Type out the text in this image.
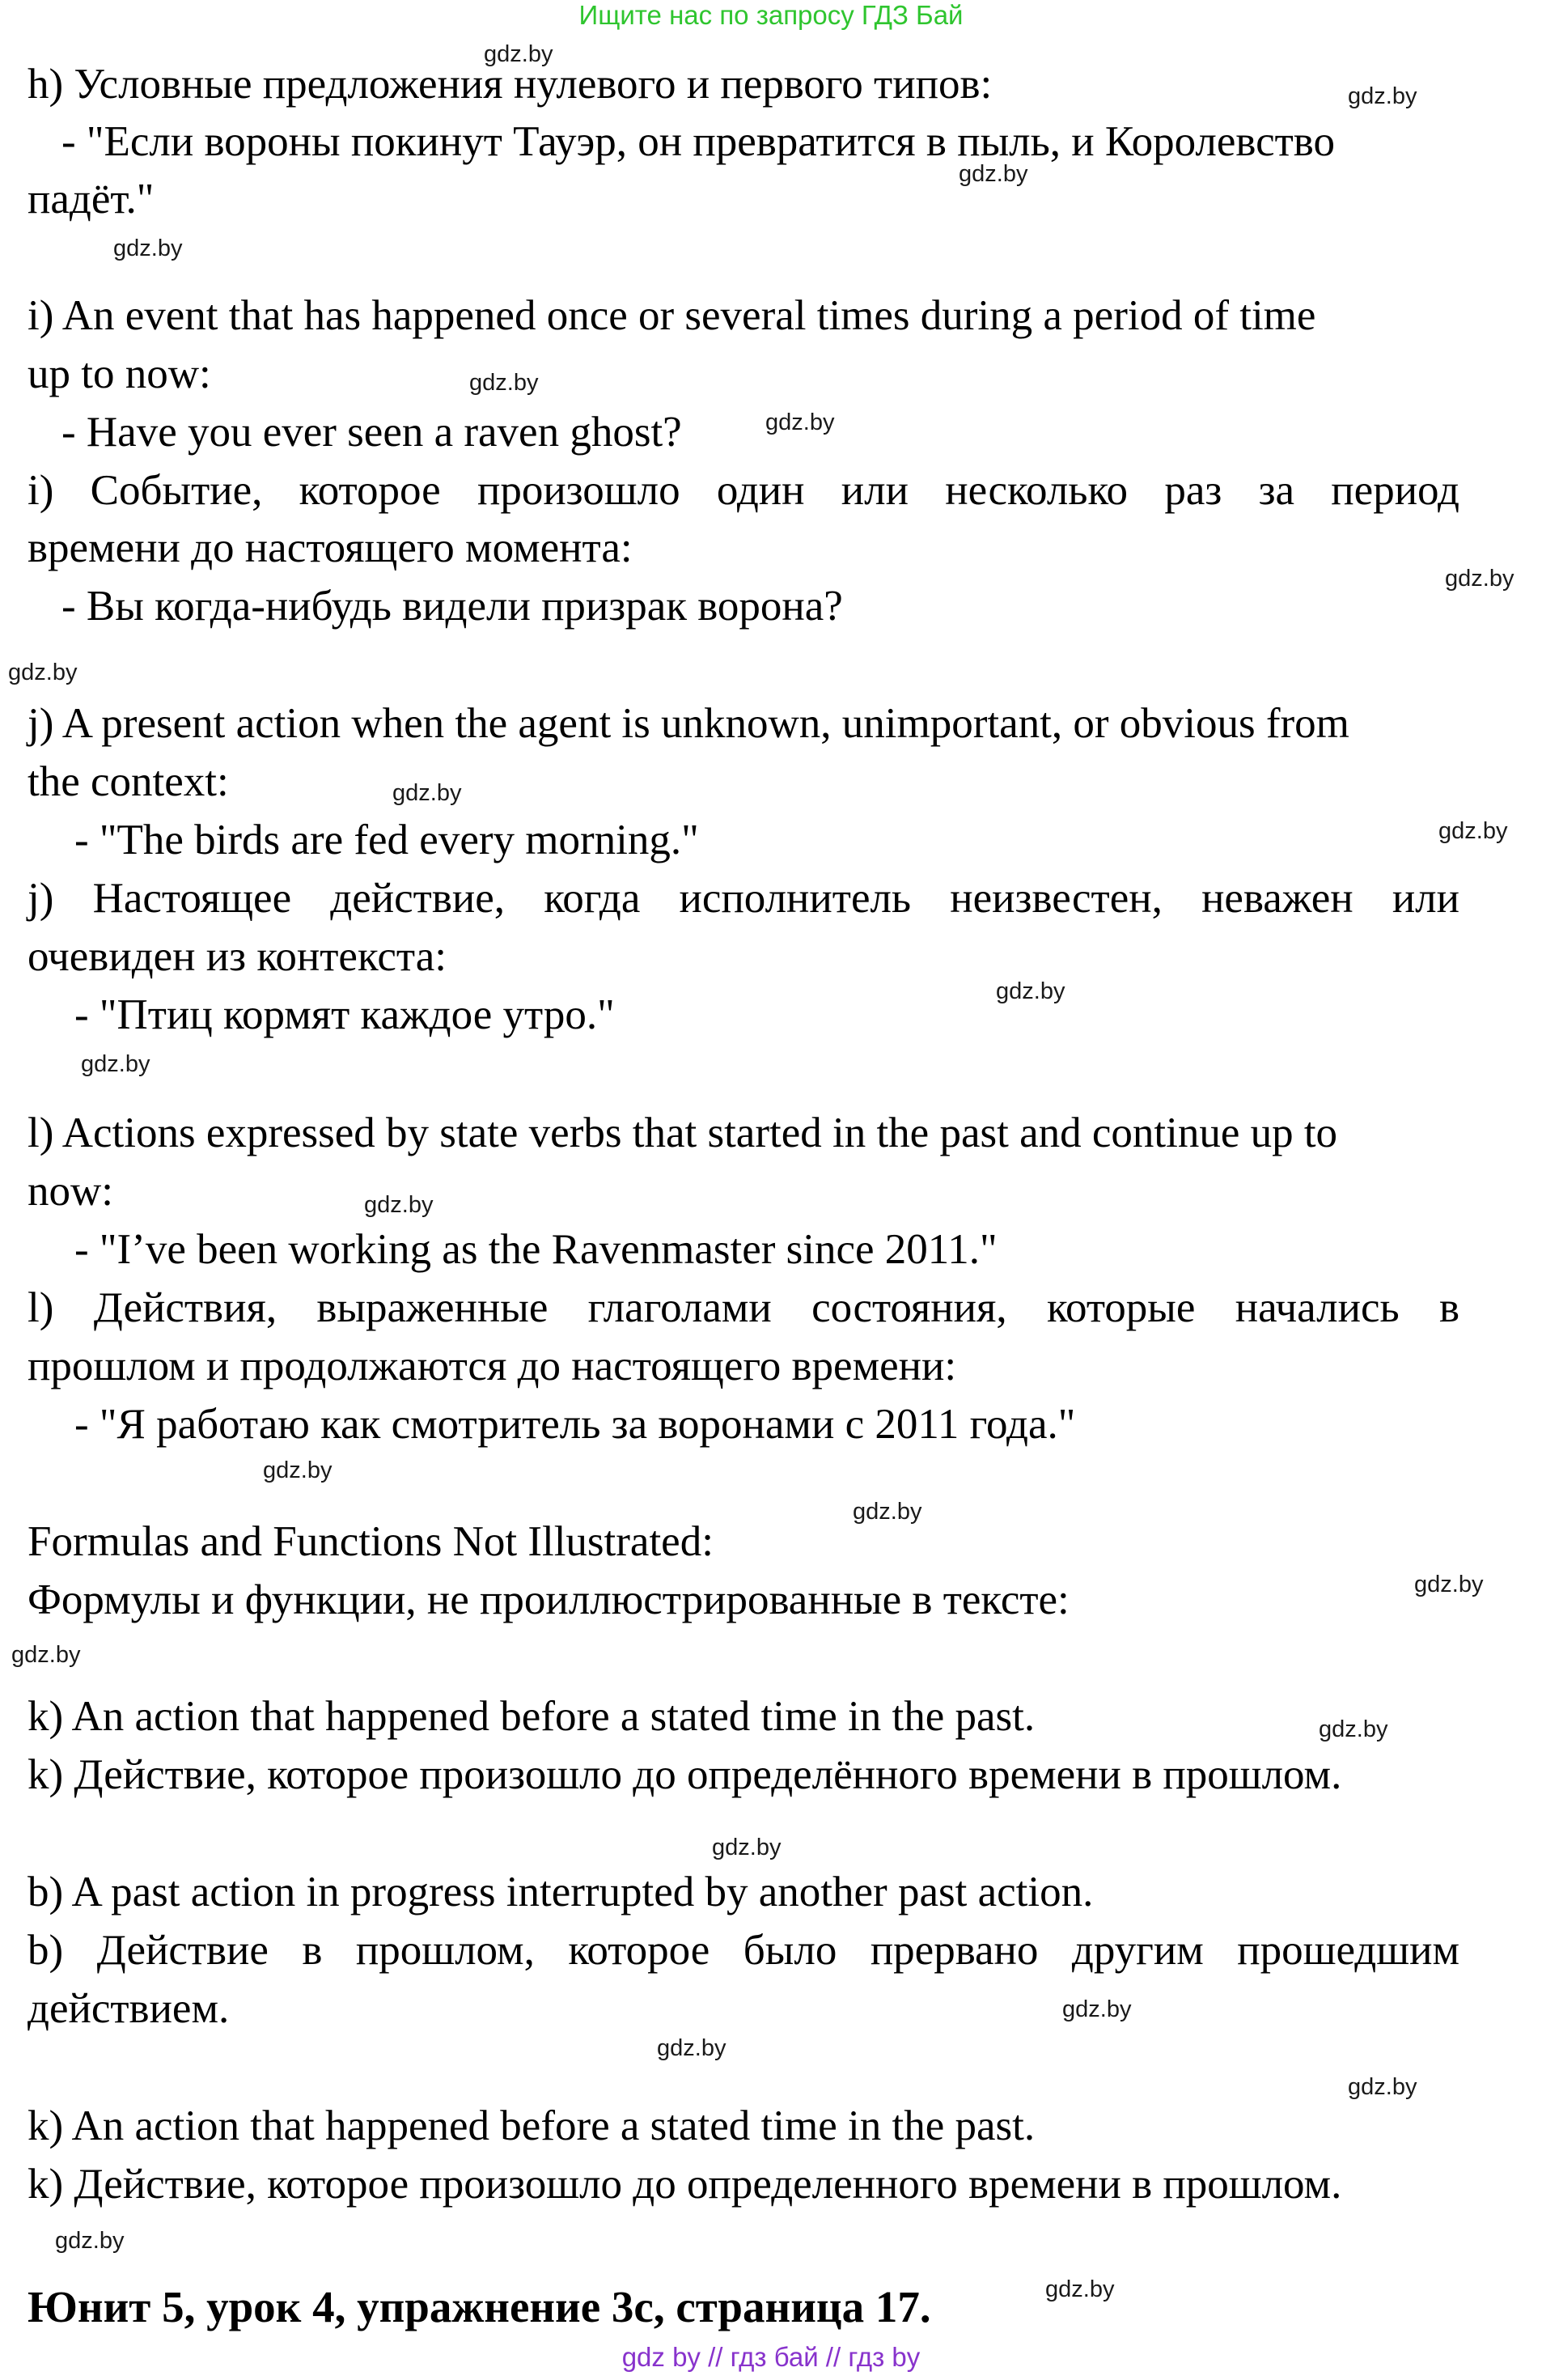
Ищите нас по запросу ГДЗ Бай
h) Условные предложения нулевого и первого типов:
- "Если вороны покинут Тауэр, он превратится в пыль, и Королевство
падёт."
i) An event that has happened once or several times during a period of time
up to now:
- Have you ever seen a raven ghost?
i) Событие, которое произошло один или несколько раз за период
времени до настоящего момента:
- Вы когда-нибудь видели призрак ворона?
j) A present action when the agent is unknown, unimportant, or obvious from
the context:
- "The birds are fed every morning."
j) Настоящее действие, когда исполнитель неизвестен, неважен или
очевиден из контекста:
- "Птиц кормят каждое утро."
l) Actions expressed by state verbs that started in the past and continue up to
now:
- "I’ve been working as the Ravenmaster since 2011."
l) Действия, выраженные глаголами состояния, которые начались в
прошлом и продолжаются до настоящего времени:
- "Я работаю как смотритель за воронами с 2011 года."
Formulas and Functions Not Illustrated:
Формулы и функции, не проиллюстрированные в тексте:
k) An action that happened before a stated time in the past.
k) Действие, которое произошло до определённого времени в прошлом.
b) A past action in progress interrupted by another past action.
b) Действие в прошлом, которое было прервано другим прошедшим
действием.
k) An action that happened before a stated time in the past.
k) Действие, которое произошло до определенного времени в прошлом.
Юнит 5, урок 4, упражнение 3с, страница 17.
gdz.by
gdz.by
gdz.by
gdz.by
gdz.by
gdz.by
gdz.by
gdz.by
gdz.by
gdz.by
gdz.by
gdz.by
gdz.by
gdz.by
gdz.by
gdz.by
gdz.by
gdz.by
gdz.by
gdz.by
gdz.by
gdz.by
gdz.by
gdz.by
gdz by // гдз бай // гдз by
